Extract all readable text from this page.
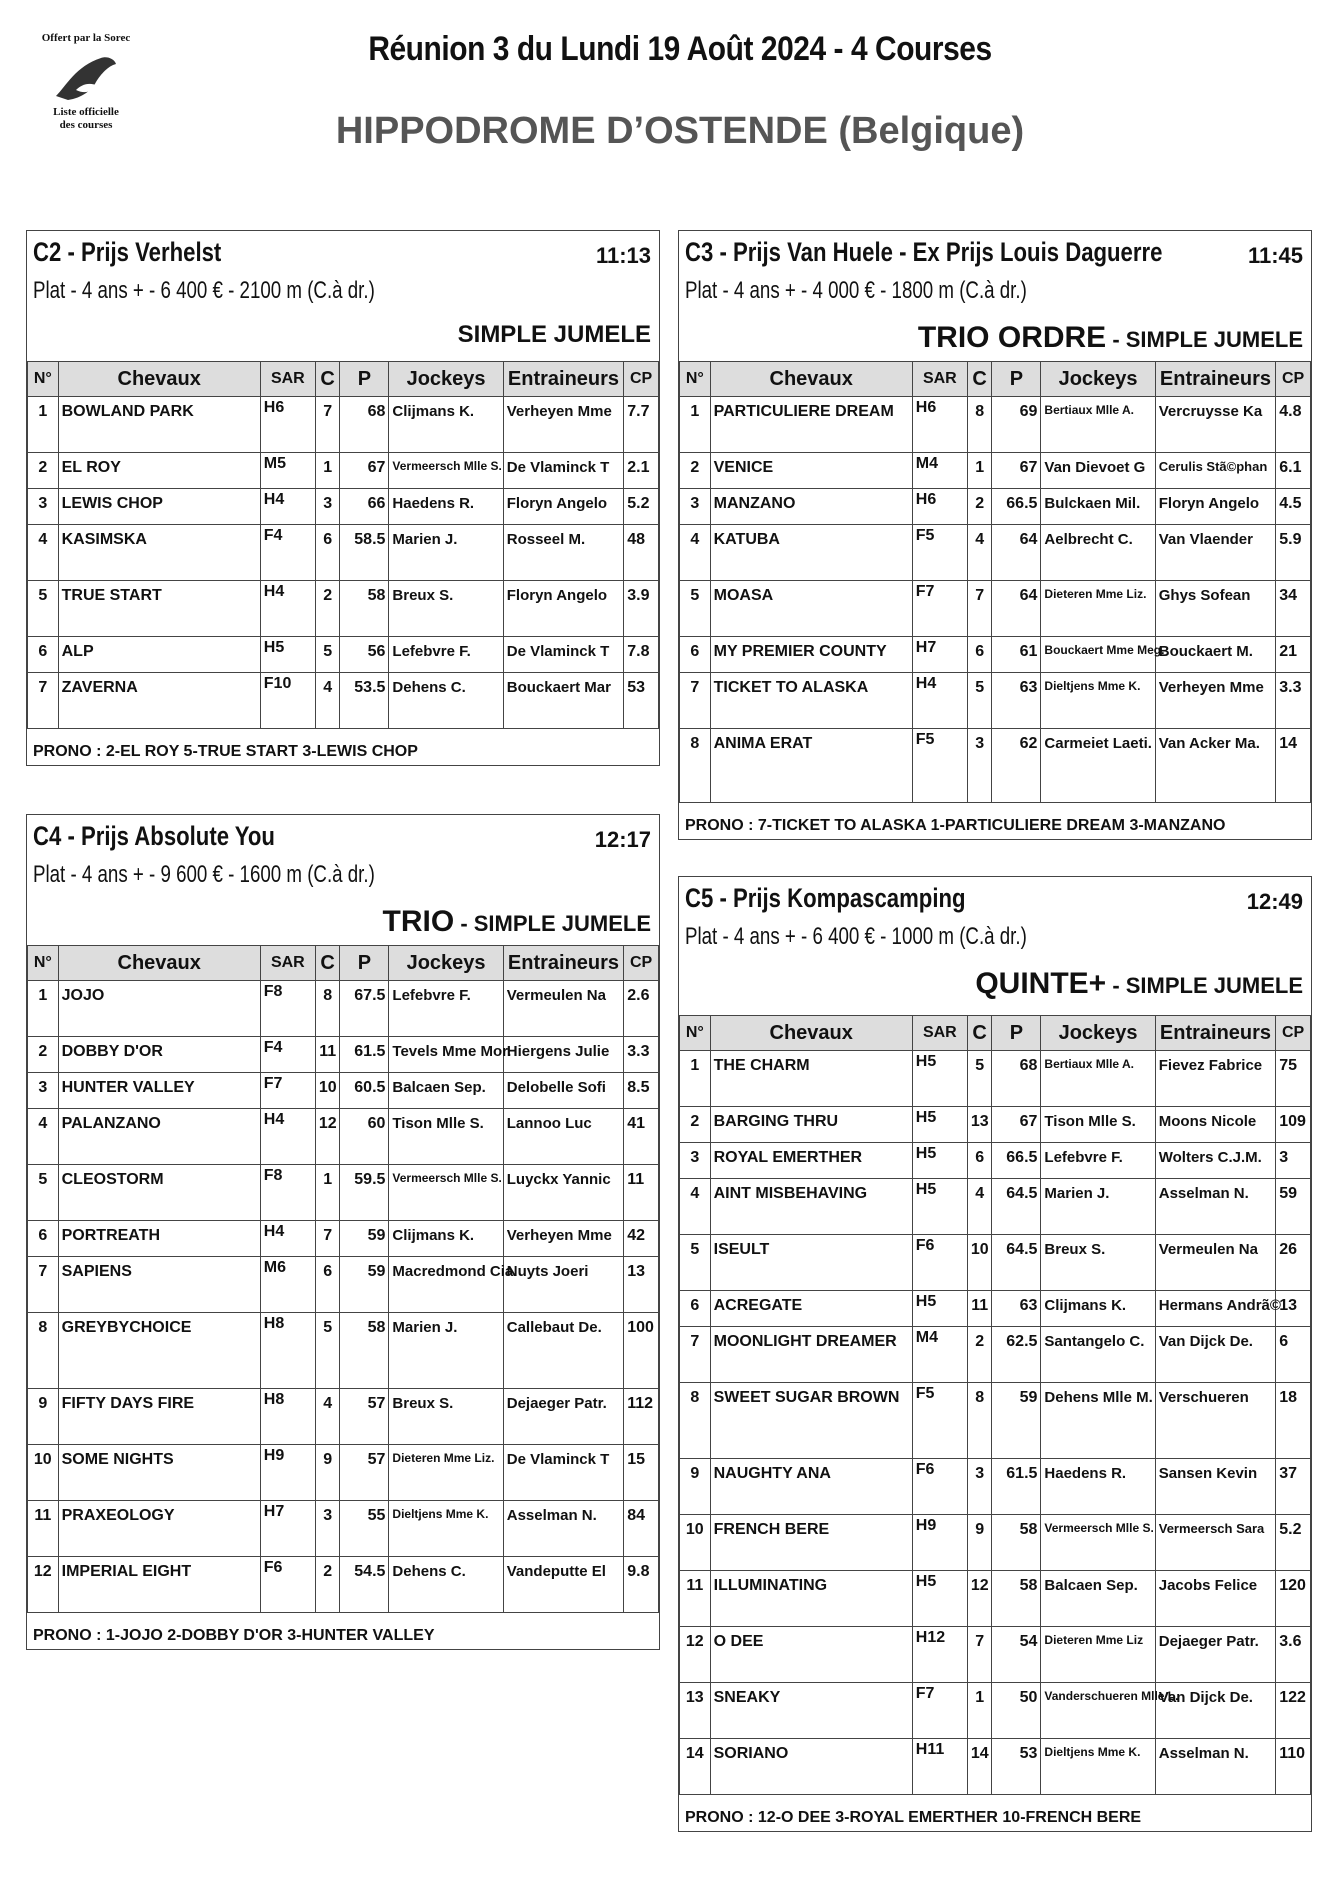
Offert par la Sorec
Liste officielle
des courses
Réunion 3 du Lundi 19 Août 2024 - 4 Courses
HIPPODROME D’OSTENDE (Belgique)
C2 - Prijs Verhelst	11:13
Plat - 4 ans + - 6 400 € - 2100 m (C.à dr.)
SIMPLE JUMELE
N°	Chevaux	SAR	C	P	Jockeys	Entraineurs	CP
1	BOWLAND PARK	H6	7	68	Clijmans K.	Verheyen Mme	7.7
2	EL ROY	M5	1	67	Vermeersch Mlle S.	De Vlaminck T	2.1
3	LEWIS CHOP	H4	3	66	Haedens R.	Floryn Angelo	5.2
4	KASIMSKA	F4	6	58.5	Marien J.	Rosseel M.	48
5	TRUE START	H4	2	58	Breux S.	Floryn Angelo	3.9
6	ALP	H5	5	56	Lefebvre F.	De Vlaminck T	7.8
7	ZAVERNA	F10	4	53.5	Dehens C.	Bouckaert Mar	53
PRONO : 2-EL ROY 5-TRUE START 3-LEWIS CHOP
C3 - Prijs Van Huele - Ex Prijs Louis Daguerre	11:45
Plat - 4 ans + - 4 000 € - 1800 m (C.à dr.)
TRIO ORDRE - SIMPLE JUMELE
N°	Chevaux	SAR	C	P	Jockeys	Entraineurs	CP
1	PARTICULIERE DREAM	H6	8	69	Bertiaux Mlle A.	Vercruysse Ka	4.8
2	VENICE	M4	1	67	Van Dievoet G	Cerulis Stã©phan	6.1
3	MANZANO	H6	2	66.5	Bulckaen Mil.	Floryn Angelo	4.5
4	KATUBA	F5	4	64	Aelbrecht C.	Van Vlaender	5.9
5	MOASA	F7	7	64	Dieteren Mme Liz.	Ghys Sofean	34
6	MY PREMIER COUNTY	H7	6	61	Bouckaert Mme Meg.	Bouckaert M.	21
7	TICKET TO ALASKA	H4	5	63	Dieltjens Mme K.	Verheyen Mme	3.3
8	ANIMA ERAT	F5	3	62	Carmeiet Laeti.	Van Acker Ma.	14
PRONO : 7-TICKET TO ALASKA 1-PARTICULIERE DREAM 3-MANZANO
C4 - Prijs Absolute You	12:17
Plat - 4 ans + - 9 600 € - 1600 m (C.à dr.)
TRIO - SIMPLE JUMELE
N°	Chevaux	SAR	C	P	Jockeys	Entraineurs	CP
1	JOJO	F8	8	67.5	Lefebvre F.	Vermeulen Na	2.6
2	DOBBY D'OR	F4	11	61.5	Tevels Mme Mor.	Hiergens Julie	3.3
3	HUNTER VALLEY	F7	10	60.5	Balcaen Sep.	Delobelle Sofi	8.5
4	PALANZANO	H4	12	60	Tison Mlle S.	Lannoo Luc	41
5	CLEOSTORM	F8	1	59.5	Vermeersch Mlle S.	Luyckx Yannic	11
6	PORTREATH	H4	7	59	Clijmans K.	Verheyen Mme	42
7	SAPIENS	M6	6	59	Macredmond Cia.	Nuyts Joeri	13
8	GREYBYCHOICE	H8	5	58	Marien J.	Callebaut De.	100
9	FIFTY DAYS FIRE	H8	4	57	Breux S.	Dejaeger Patr.	112
10	SOME NIGHTS	H9	9	57	Dieteren Mme Liz.	De Vlaminck T	15
11	PRAXEOLOGY	H7	3	55	Dieltjens Mme K.	Asselman N.	84
12	IMPERIAL EIGHT	F6	2	54.5	Dehens C.	Vandeputte El	9.8
PRONO : 1-JOJO 2-DOBBY D'OR 3-HUNTER VALLEY
C5 - Prijs Kompascamping	12:49
Plat - 4 ans + - 6 400 € - 1000 m (C.à dr.)
QUINTE+ - SIMPLE JUMELE
N°	Chevaux	SAR	C	P	Jockeys	Entraineurs	CP
1	THE CHARM	H5	5	68	Bertiaux Mlle A.	Fievez Fabrice	75
2	BARGING THRU	H5	13	67	Tison Mlle S.	Moons Nicole	109
3	ROYAL EMERTHER	H5	6	66.5	Lefebvre F.	Wolters C.J.M.	3
4	AINT MISBEHAVING	H5	4	64.5	Marien J.	Asselman N.	59
5	ISEULT	F6	10	64.5	Breux S.	Vermeulen Na	26
6	ACREGATE	H5	11	63	Clijmans K.	Hermans Andrã©	13
7	MOONLIGHT DREAMER	M4	2	62.5	Santangelo C.	Van Dijck De.	6
8	SWEET SUGAR BROWN	F5	8	59	Dehens Mlle M.	Verschueren	18
9	NAUGHTY ANA	F6	3	61.5	Haedens R.	Sansen Kevin	37
10	FRENCH BERE	H9	9	58	Vermeersch Mlle S.	Vermeersch Sara	5.2
11	ILLUMINATING	H5	12	58	Balcaen Sep.	Jacobs Felice	120
12	O DEE	H12	7	54	Dieteren Mme Liz	Dejaeger Patr.	3.6
13	SNEAKY	F7	1	50	Vanderschueren Mlle L.	Van Dijck De.	122
14	SORIANO	H11	14	53	Dieltjens Mme K.	Asselman N.	110
PRONO : 12-O DEE 3-ROYAL EMERTHER 10-FRENCH BERE
